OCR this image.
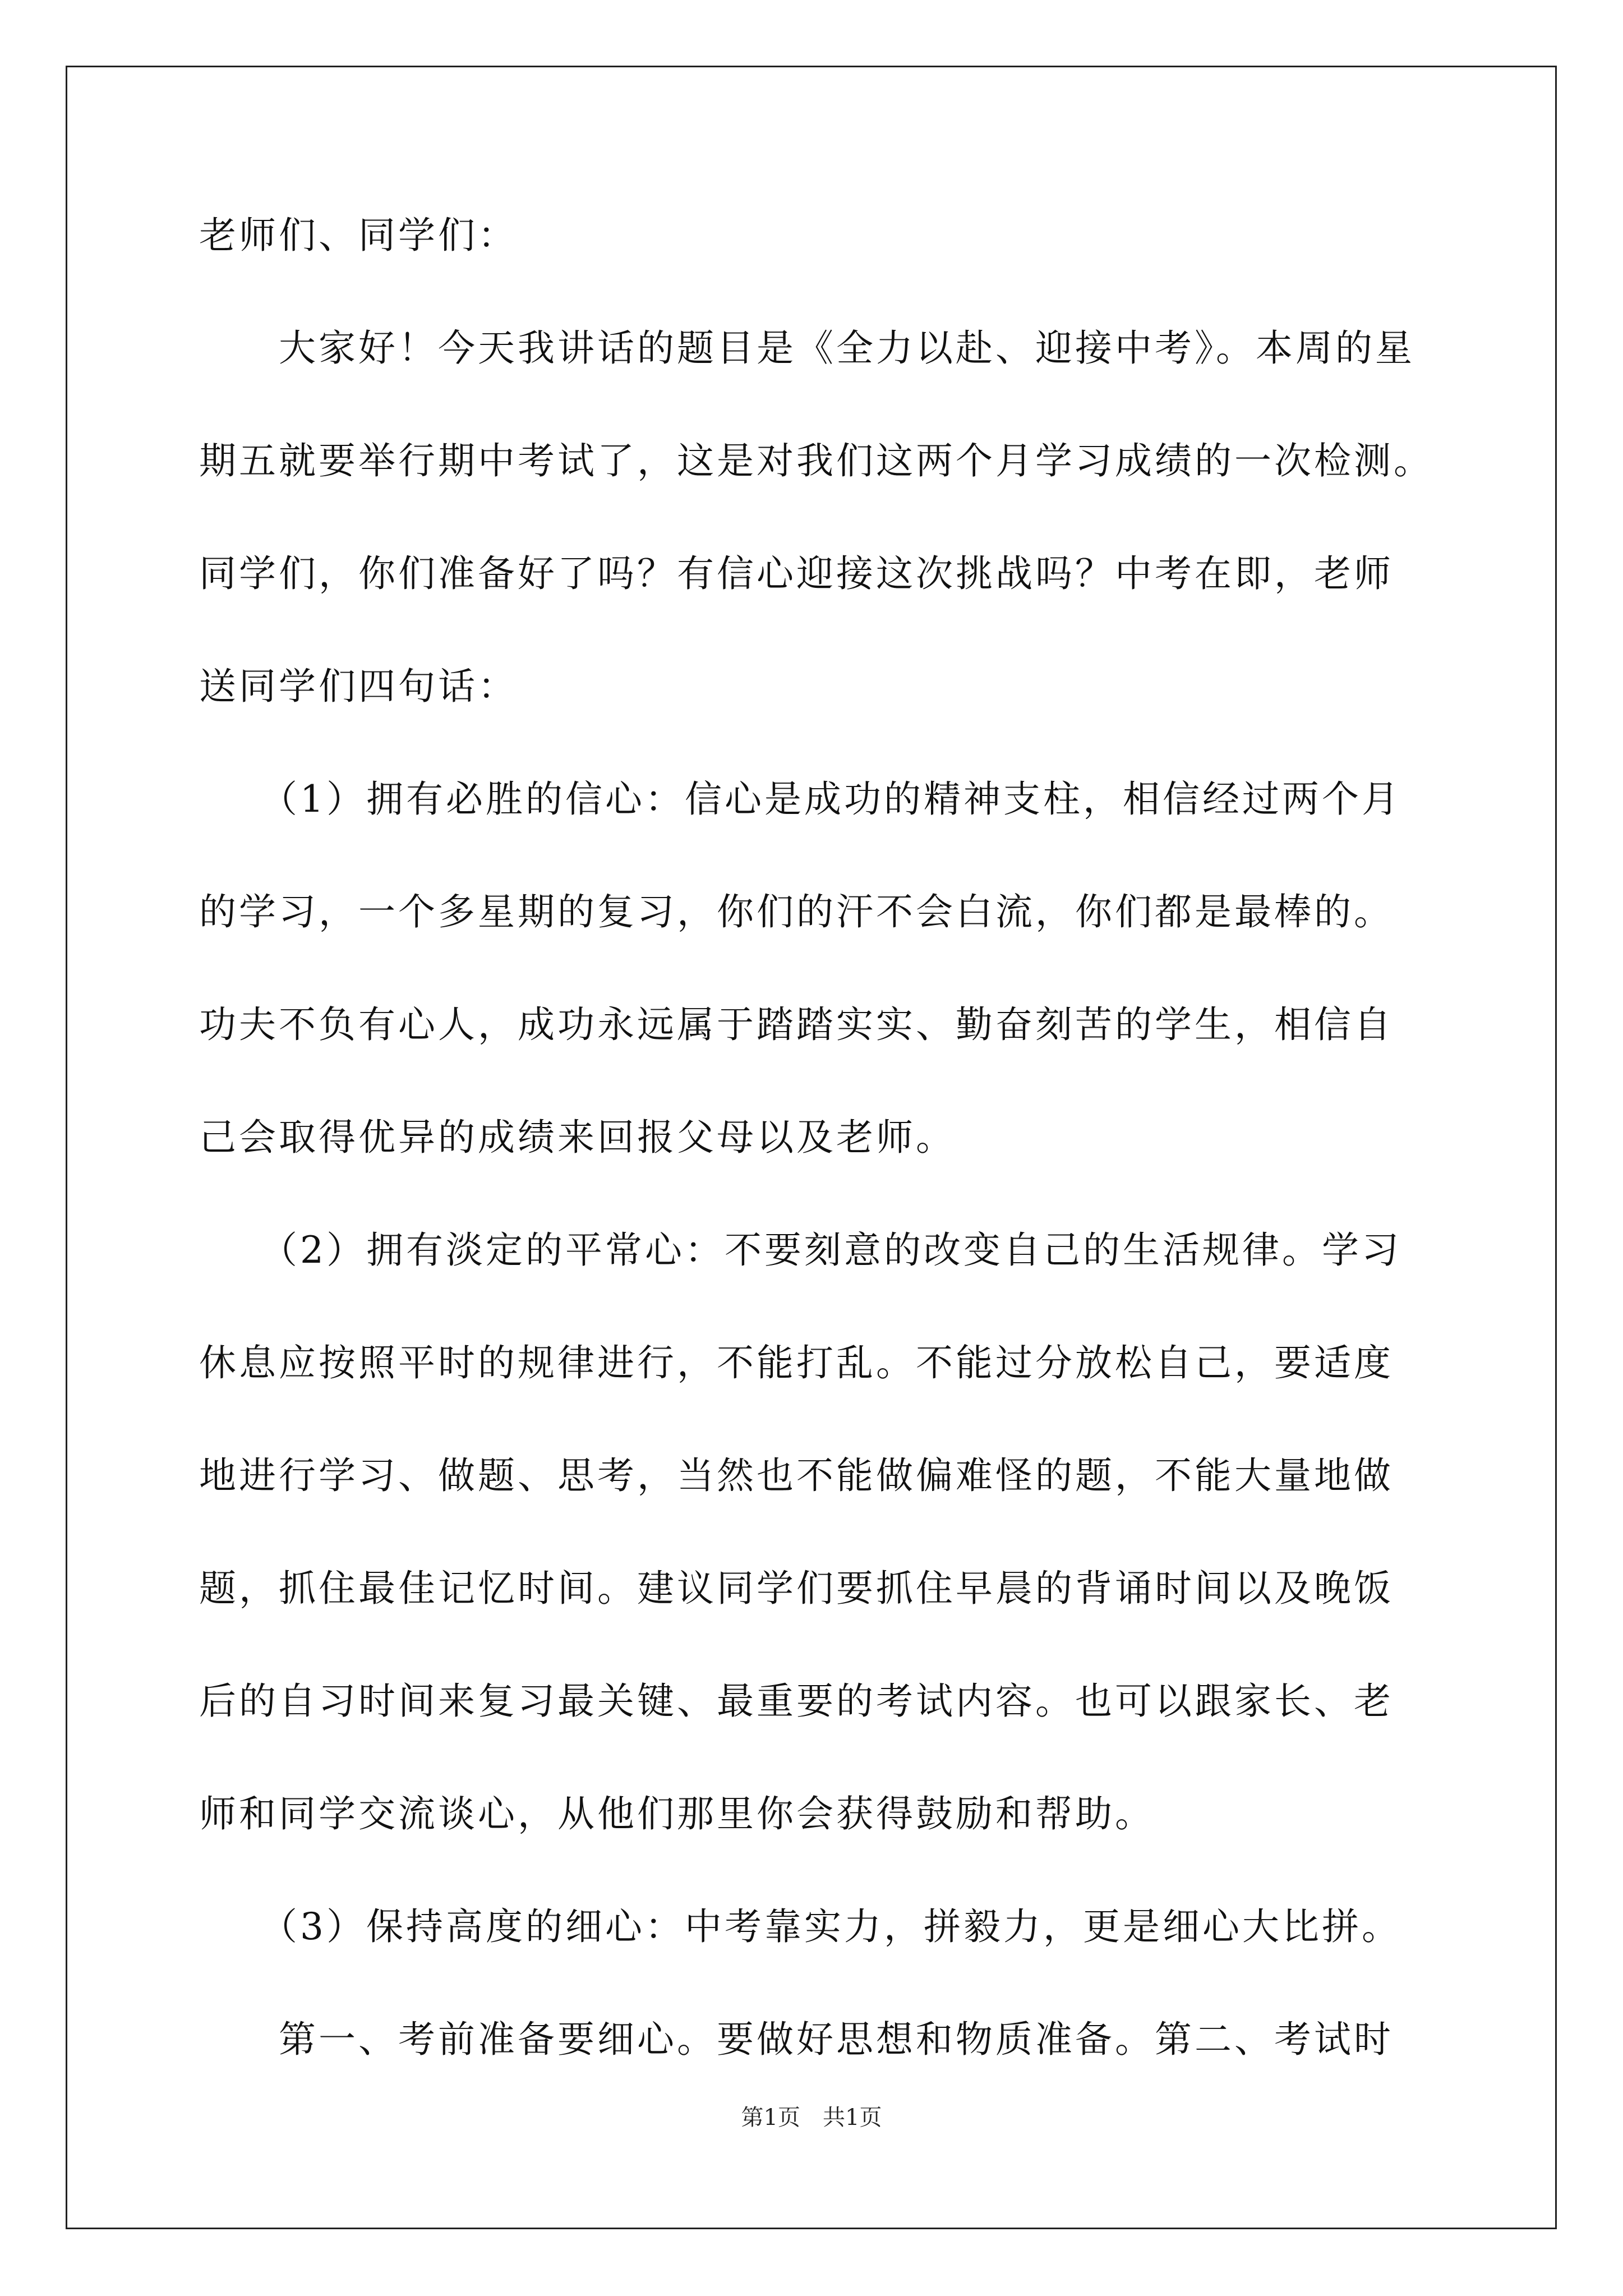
老师们、同学们：
　　大家好！今天我讲话的题目是《全力以赴、迎接中考》。本周的星
期五就要举行期中考试了，这是对我们这两个月学习成绩的一次检测。
同学们，你们准备好了吗？有信心迎接这次挑战吗？中考在即，老师
送同学们四句话：
　　（1）拥有必胜的信心：信心是成功的精神支柱，相信经过两个月
的学习，一个多星期的复习，你们的汗不会白流，你们都是最棒的。
功夫不负有心人，成功永远属于踏踏实实、勤奋刻苦的学生，相信自
己会取得优异的成绩来回报父母以及老师。
　　（2）拥有淡定的平常心：不要刻意的改变自己的生活规律。学习
休息应按照平时的规律进行，不能打乱。不能过分放松自己，要适度
地进行学习、做题、思考，当然也不能做偏难怪的题，不能大量地做
题，抓住最佳记忆时间。建议同学们要抓住早晨的背诵时间以及晚饭
后的自习时间来复习最关键、最重要的考试内容。也可以跟家长、老
师和同学交流谈心，从他们那里你会获得鼓励和帮助。
　　（3）保持高度的细心：中考靠实力，拼毅力，更是细心大比拼。
　　第一、考前准备要细心。要做好思想和物质准备。第二、考试时
第1页　共1页
